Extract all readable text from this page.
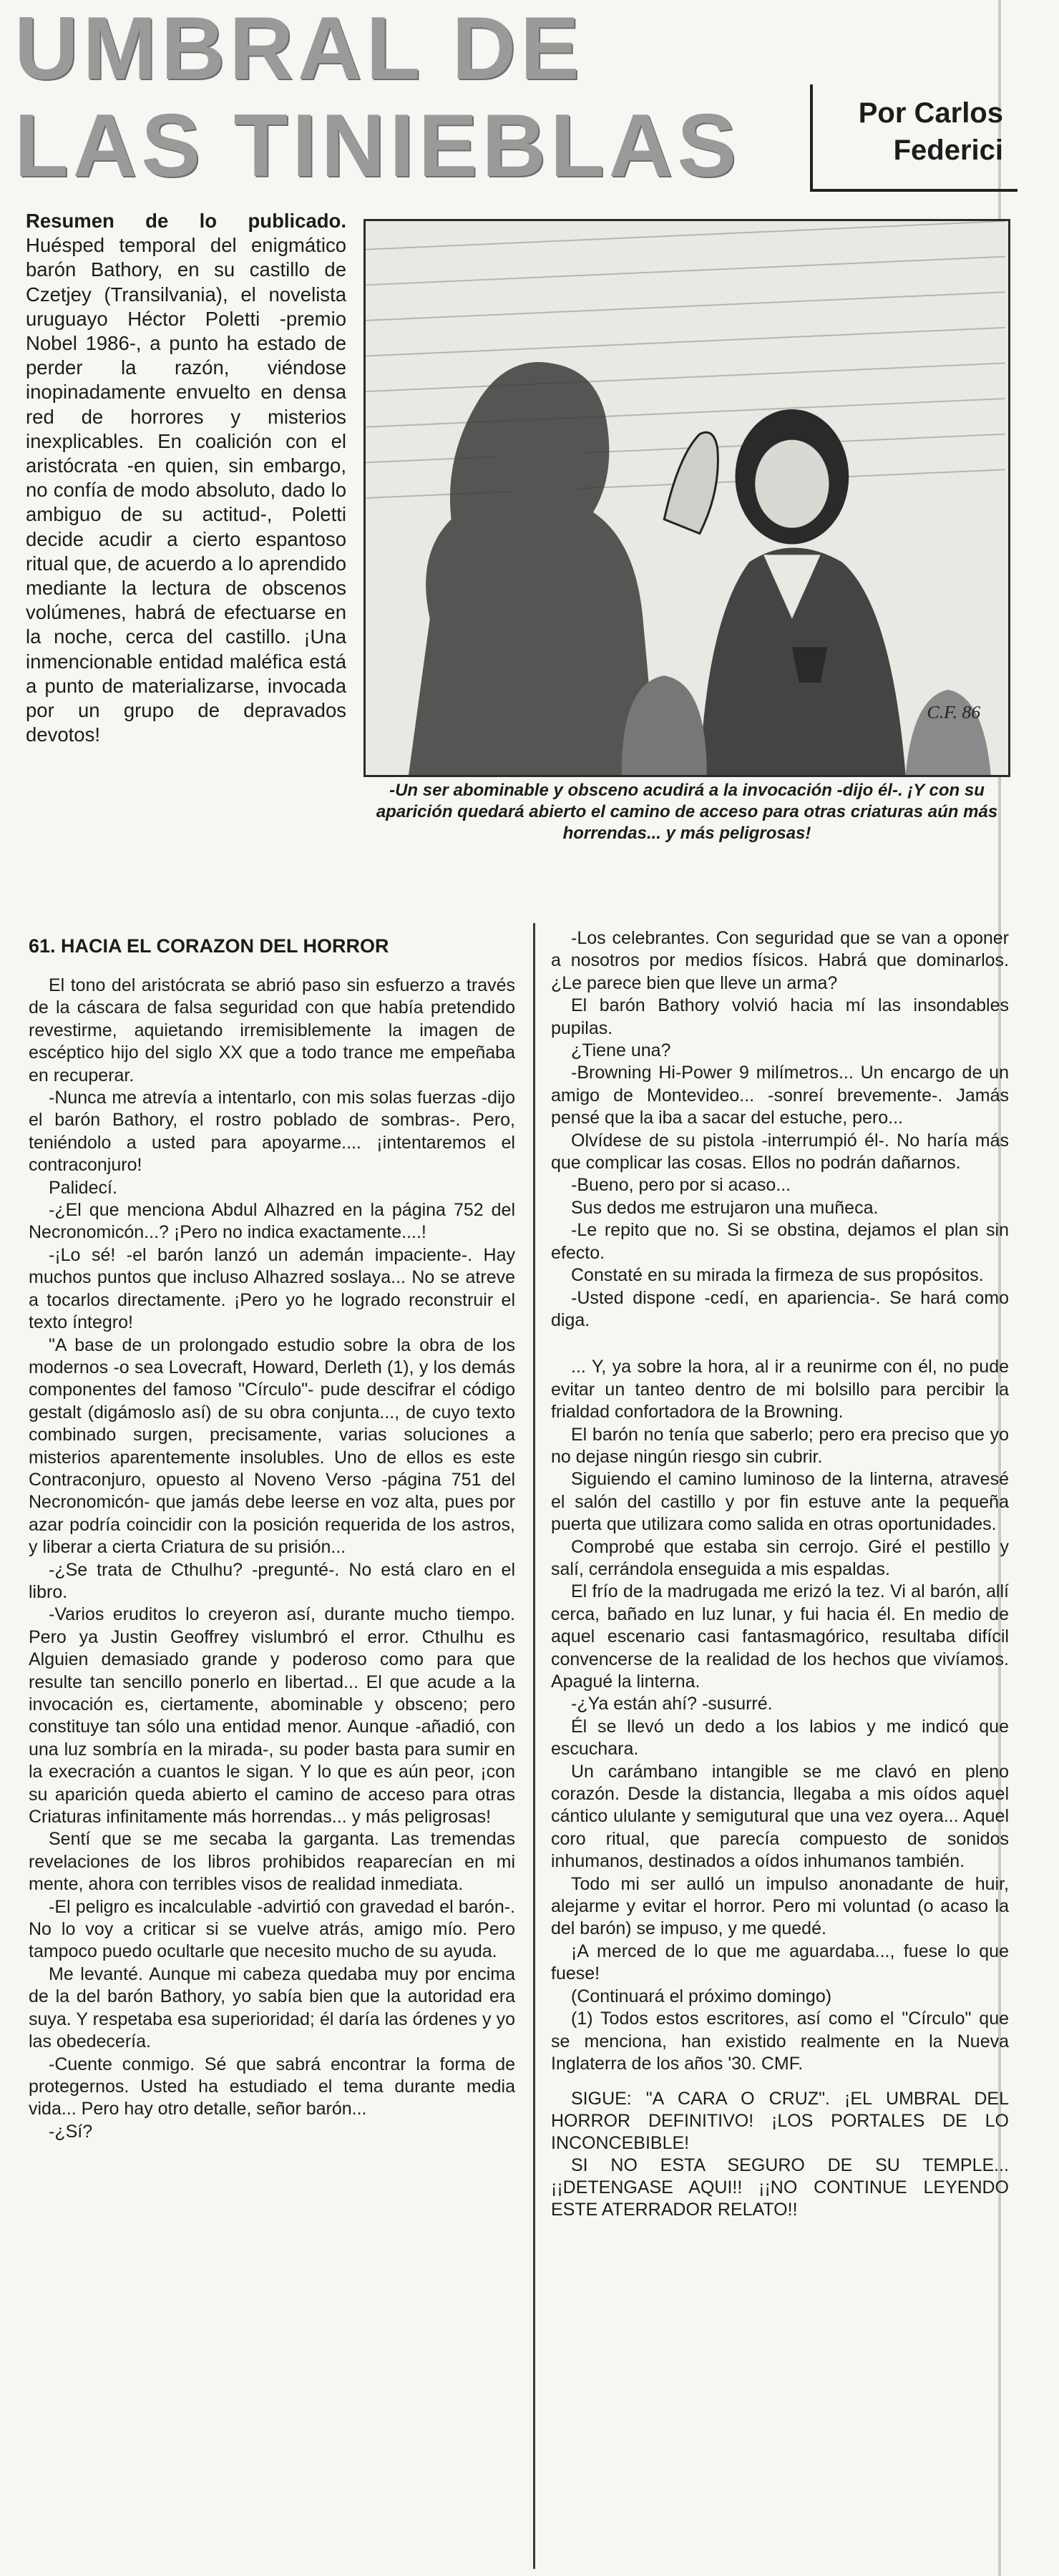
UMBRAL DE
LAS TINIEBLAS	Por Carlos
Federici
Resumen de lo publicado. Huésped temporal del enigmático barón Bathory, en su castillo de Czetjey (Transilvania), el novelista uruguayo Héctor Poletti -premio Nobel 1986-, a punto ha estado de perder la razón, viéndose inopinadamente envuelto en densa red de horrores y misterios inexplicables. En coalición con el aristócrata -en quien, sin embargo, no confía de modo absoluto, dado lo ambiguo de su actitud-, Poletti decide acudir a cierto espantoso ritual que, de acuerdo a lo aprendido mediante la lectura de obscenos volúmenes, habrá de efectuarse en la noche, cerca del castillo. ¡Una inmencionable entidad maléfica está a punto de materializarse, invocada por un grupo de depravados devotos!
C.F. 86
-Un ser abominable y obsceno acudirá a la invocación -dijo él-. ¡Y con su aparición quedará abierto el camino de acceso para otras criaturas aún más horrendas... y más peligrosas!
61. HACIA EL CORAZON DEL HORROR

El tono del aristócrata se abrió paso sin esfuerzo a través de la cáscara de falsa seguridad con que había pretendido revestirme, aquietando irremisiblemente la imagen de escéptico hijo del siglo XX que a todo trance me empeñaba en recuperar.

-Nunca me atrevía a intentarlo, con mis solas fuerzas -dijo el barón Bathory, el rostro poblado de sombras-. Pero, teniéndolo a usted para apoyarme.... ¡intentaremos el contraconjuro!

Palidecí.

-¿El que menciona Abdul Alhazred en la página 752 del Necronomicón...? ¡Pero no indica exactamente....!

-¡Lo sé! -el barón lanzó un ademán impaciente-. Hay muchos puntos que incluso Alhazred soslaya... No se atreve a tocarlos directamente. ¡Pero yo he logrado reconstruir el texto íntegro!

"A base de un prolongado estudio sobre la obra de los modernos -o sea Lovecraft, Howard, Derleth (1), y los demás componentes del famoso "Círculo"- pude descifrar el código gestalt (digámoslo así) de su obra conjunta..., de cuyo texto combinado surgen, precisamente, varias soluciones a misterios aparentemente insolubles. Uno de ellos es este Contraconjuro, opuesto al Noveno Verso -página 751 del Necronomicón- que jamás debe leerse en voz alta, pues por azar podría coincidir con la posición requerida de los astros, y liberar a cierta Criatura de su prisión...

-¿Se trata de Cthulhu? -pregunté-. No está claro en el libro.

-Varios eruditos lo creyeron así, durante mucho tiempo. Pero ya Justin Geoffrey vislumbró el error. Cthulhu es Alguien demasiado grande y poderoso como para que resulte tan sencillo ponerlo en libertad... El que acude a la invocación es, ciertamente, abominable y obsceno; pero constituye tan sólo una entidad menor. Aunque -añadió, con una luz sombría en la mirada-, su poder basta para sumir en la execración a cuantos le sigan. Y lo que es aún peor, ¡con su aparición queda abierto el camino de acceso para otras Criaturas infinitamente más horrendas... y más peligrosas!

Sentí que se me secaba la garganta. Las tremendas revelaciones de los libros prohibidos reaparecían en mi mente, ahora con terribles visos de realidad inmediata.

-El peligro es incalculable -advirtió con gravedad el barón-. No lo voy a criticar si se vuelve atrás, amigo mío. Pero tampoco puedo ocultarle que necesito mucho de su ayuda.

Me levanté. Aunque mi cabeza quedaba muy por encima de la del barón Bathory, yo sabía bien que la autoridad era suya. Y respetaba esa superioridad; él daría las órdenes y yo las obedecería.

-Cuente conmigo. Sé que sabrá encontrar la forma de protegernos. Usted ha estudiado el tema durante media vida... Pero hay otro detalle, señor barón...

-¿Sí?

-Los celebrantes. Con seguridad que se van a oponer a nosotros por medios físicos. Habrá que dominarlos. ¿Le parece bien que lleve un arma?

El barón Bathory volvió hacia mí las insondables pupilas.

¿Tiene una?

-Browning Hi-Power 9 milímetros... Un encargo de un amigo de Montevideo... -sonreí brevemente-. Jamás pensé que la iba a sacar del estuche, pero...

Olvídese de su pistola -interrumpió él-. No haría más que complicar las cosas. Ellos no podrán dañarnos.

-Bueno, pero por si acaso...

Sus dedos me estrujaron una muñeca.

-Le repito que no. Si se obstina, dejamos el plan sin efecto.

Constaté en su mirada la firmeza de sus propósitos.

-Usted dispone -cedí, en apariencia-. Se hará como diga.

... Y, ya sobre la hora, al ir a reunirme con él, no pude evitar un tanteo dentro de mi bolsillo para percibir la frialdad confortadora de la Browning.

El barón no tenía que saberlo; pero era preciso que yo no dejase ningún riesgo sin cubrir.

Siguiendo el camino luminoso de la linterna, atravesé el salón del castillo y por fin estuve ante la pequeña puerta que utilizara como salida en otras oportunidades.

Comprobé que estaba sin cerrojo. Giré el pestillo y salí, cerrándola enseguida a mis espaldas.

El frío de la madrugada me erizó la tez. Vi al barón, allí cerca, bañado en luz lunar, y fui hacia él. En medio de aquel escenario casi fantasmagórico, resultaba difícil convencerse de la realidad de los hechos que vivíamos. Apagué la linterna.

-¿Ya están ahí? -susurré.

Él se llevó un dedo a los labios y me indicó que escuchara.

Un carámbano intangible se me clavó en pleno corazón. Desde la distancia, llegaba a mis oídos aquel cántico ululante y semigutural que una vez oyera... Aquel coro ritual, que parecía compuesto de sonidos inhumanos, destinados a oídos inhumanos también.

Todo mi ser aulló un impulso anonadante de huir, alejarme y evitar el horror. Pero mi voluntad (o acaso la del barón) se impuso, y me quedé.

¡A merced de lo que me aguardaba..., fuese lo que fuese!

(Continuará el próximo domingo)

(1) Todos estos escritores, así como el "Círculo" que se menciona, han existido realmente en la Nueva Inglaterra de los años '30. CMF.

SIGUE: "A CARA O CRUZ". ¡EL UMBRAL DEL HORROR DEFINITIVO! ¡LOS PORTALES DE LO INCONCEBIBLE!

SI NO ESTA SEGURO DE SU TEMPLE... ¡¡DETENGASE AQUI!! ¡¡NO CONTINUE LEYENDO ESTE ATERRADOR RELATO!!
